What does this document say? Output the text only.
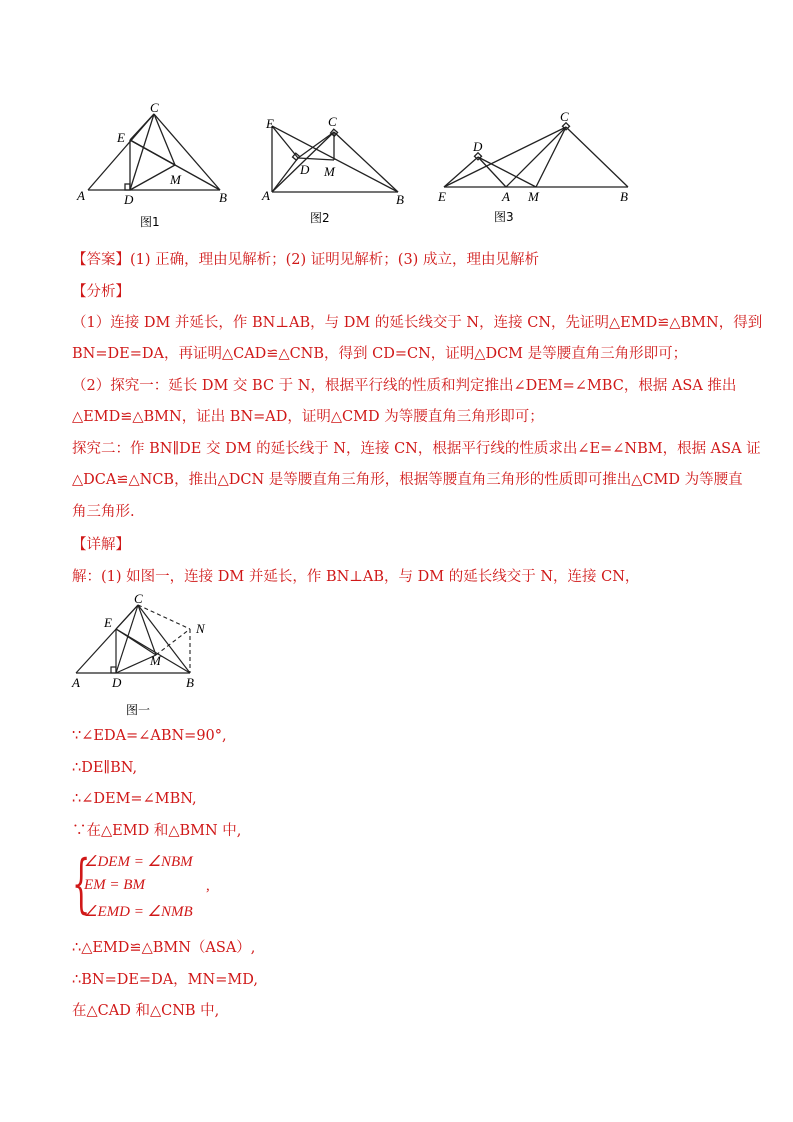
C
E
M
A	D	B
图1
E	C
D M
A	B
图2
D
C
E	A M	B
图3
【答案】(1) 正确，理由见解析；(2) 证明见解析；(3) 成立，理由见解析
【分析】
（1）连接 DM 并延长，作 BN⊥AB，与 DM 的延长线交于 N，连接 CN，先证明△EMD≌△BMN，得到
BN=DE=DA，再证明△CAD≌△CNB，得到 CD=CN，证明△DCM 是等腰直角三角形即可；
（2）探究一：延长 DM 交 BC 于 N，根据平行线的性质和判定推出∠DEM=∠MBC，根据 ASA 推出
△EMD≌△BMN，证出 BN=AD，证明△CMD 为等腰直角三角形即可；
探究二：作 BN∥DE 交 DM 的延长线于 N，连接 CN，根据平行线的性质求出∠E=∠NBM，根据 ASA 证
△DCA≌△NCB，推出△DCN 是等腰直角三角形，根据等腰直角三角形的性质即可推出△CMD 为等腰直
角三角形.
【详解】
解：(1) 如图一，连接 DM 并延长，作 BN⊥AB，与 DM 的延长线交于 N，连接 CN，
C
E	N
M
A D	B
图一
∵∠EDA=∠ABN=90°,
∴DE∥BN,
∴∠DEM=∠MBN,
∵在△EMD 和△BMN 中,
{
∠DEM = ∠NBM
EM = BM
∠EMD = ∠NMB
,
∴△EMD≌△BMN（ASA）,
∴BN=DE=DA，MN=MD,
在△CAD 和△CNB 中,
